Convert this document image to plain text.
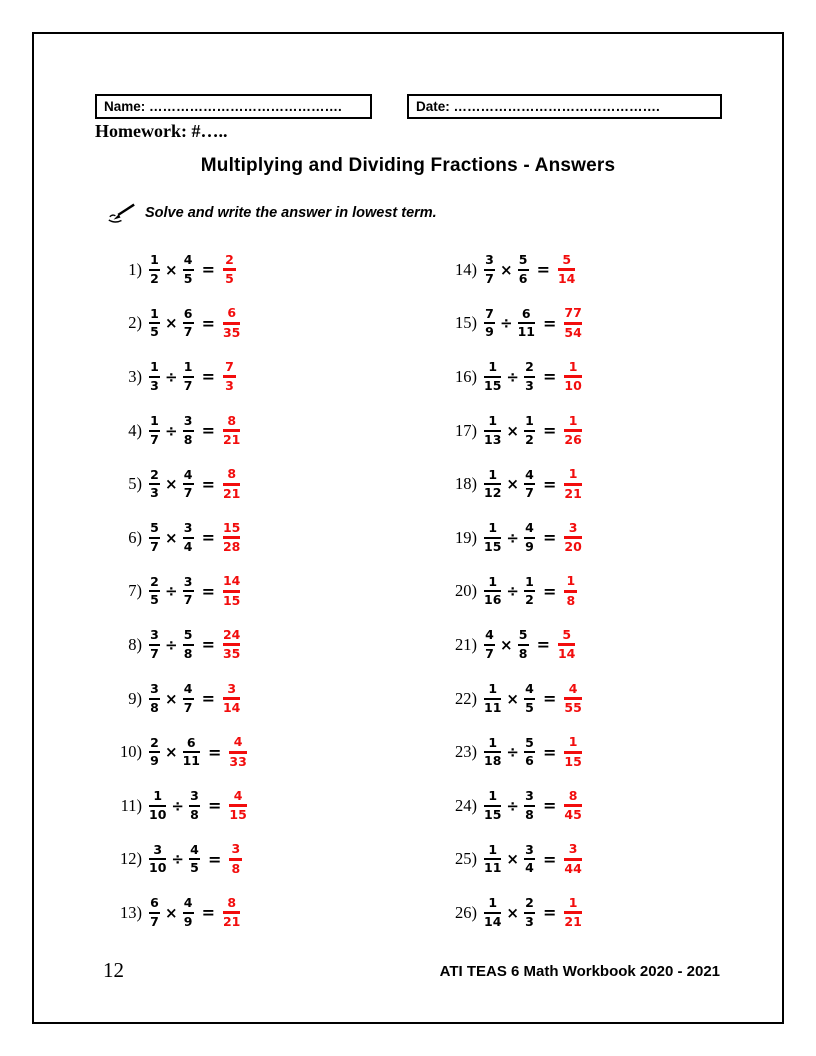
Name: …………………………………….	Date: ……………………………………….
Homework: #…..
Multiplying and Dividing Fractions - Answers
Solve and write the answer in lowest term.
$1) \frac{1}{2} \times \frac{4}{5} = \frac{2}{5}$
$2) \frac{1}{5} \times \frac{6}{7} = \frac{6}{35}$
$3) \frac{1}{3} \div \frac{1}{7} = \frac{7}{3}$
$4) \frac{1}{7} \div \frac{3}{8} = \frac{8}{21}$
$5) \frac{2}{3} \times \frac{4}{7} = \frac{8}{21}$
$6) \frac{5}{7} \times \frac{3}{4} = \frac{15}{28}$
$7) \frac{2}{5} \div \frac{3}{7} = \frac{14}{15}$
$8) \frac{3}{7} \div \frac{5}{8} = \frac{24}{35}$
$9) \frac{3}{8} \times \frac{4}{7} = \frac{3}{14}$
$10) \frac{2}{9} \times \frac{6}{11} = \frac{4}{33}$
$11) \frac{1}{10} \div \frac{3}{8} = \frac{4}{15}$
$12) \frac{3}{10} \div \frac{4}{5} = \frac{3}{8}$
$13) \frac{6}{7} \times \frac{4}{9} = \frac{8}{21}$
$14) \frac{3}{7} \times \frac{5}{6} = \frac{5}{14}$
$15) \frac{7}{9} \div \frac{6}{11} = \frac{77}{54}$
$16) \frac{1}{15} \div \frac{2}{3} = \frac{1}{10}$
$17) \frac{1}{13} \times \frac{1}{2} = \frac{1}{26}$
$18) \frac{1}{12} \times \frac{4}{7} = \frac{1}{21}$
$19) \frac{1}{15} \div \frac{4}{9} = \frac{3}{20}$
$20) \frac{1}{16} \div \frac{1}{2} = \frac{1}{8}$
$21) \frac{4}{7} \times \frac{5}{8} = \frac{5}{14}$
$22) \frac{1}{11} \times \frac{4}{5} = \frac{4}{55}$
$23) \frac{1}{18} \div \frac{5}{6} = \frac{1}{15}$
$24) \frac{1}{15} \div \frac{3}{8} = \frac{8}{45}$
$25) \frac{1}{11} \times \frac{3}{4} = \frac{3}{44}$
$26) \frac{1}{14} \times \frac{2}{3} = \frac{1}{21}$
12	ATI TEAS 6 Math Workbook 2020 - 2021
